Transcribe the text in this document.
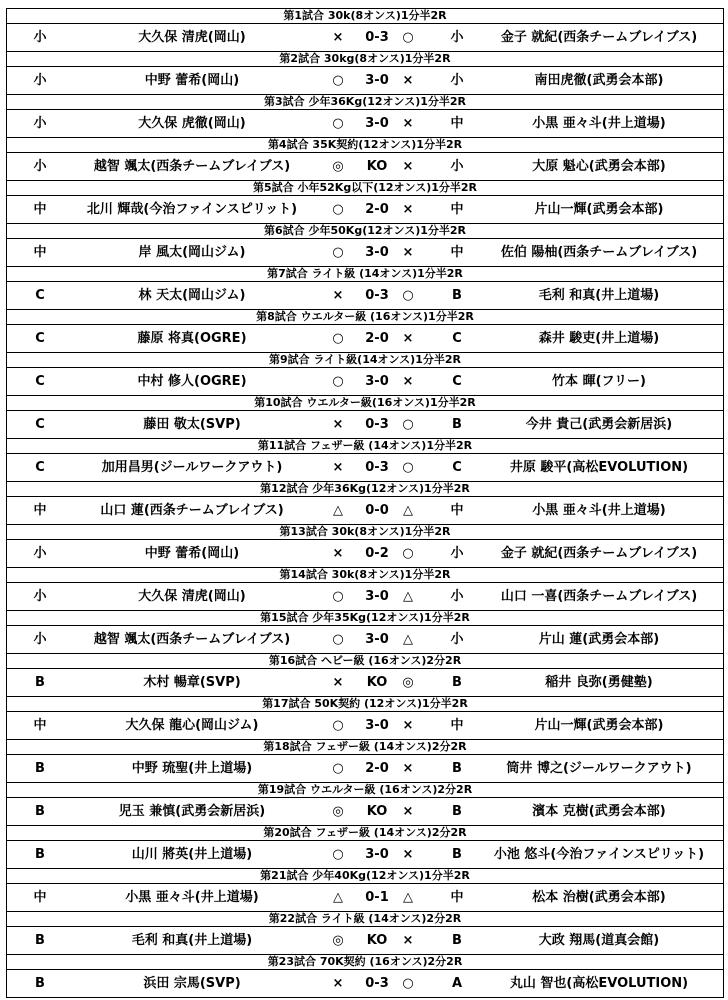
第1試合 30k(8オンス)1分半2R
小	大久保 清虎(岡山)	×	0-3	○	小	金子 就紀(西条チームブレイブス)
第2試合 30kg(8オンス)1分半2R
小	中野 蕾希(岡山)	○	3-0	×	小	南田虎徹(武勇会本部)
第3試合 少年36Kg(12オンス)1分半2R
小	大久保 虎徹(岡山)	○	3-0	×	中	小黒 亜々斗(井上道場)
第4試合 35K契約(12オンス)1分半2R
小	越智 颯太(西条チームブレイブス)	◎	KO	×	小	大原 魁心(武勇会本部)
第5試合 小年52Kg以下(12オンス)1分半2R
中	北川 輝哉(今治ファインスピリット)	○	2-0	×	中	片山一輝(武勇会本部)
第6試合 少年50Kg(12オンス)1分半2R
中	岸 風太(岡山ジム)	○	3-0	×	中	佐伯 陽柚(西条チームブレイブス)
第7試合 ライト級 (14オンス)1分半2R
C	林 天太(岡山ジム)	×	0-3	○	B	毛利 和真(井上道場)
第8試合 ウエルター級 (16オンス)1分半2R
C	藤原 将真(OGRE)	○	2-0	×	C	森井 駿吏(井上道場)
第9試合 ライト級(14オンス)1分半2R
C	中村 修人(OGRE)	○	3-0	×	C	竹本 暉(フリー)
第10試合 ウエルター級(16オンス)1分半2R
C	藤田 敬太(SVP)	×	0-3	○	B	今井 貴己(武勇会新居浜)
第11試合 フェザー級 (14オンス)1分半2R
C	加用昌男(ジールワークアウト)	×	0-3	○	C	井原 駿平(高松EVOLUTION)
第12試合 少年36Kg(12オンス)1分半2R
中	山口 蓮(西条チームブレイブス)	△	0-0	△	中	小黒 亜々斗(井上道場)
第13試合 30k(8オンス)1分半2R
小	中野 蕾希(岡山)	×	0-2	○	小	金子 就紀(西条チームブレイブス)
第14試合 30k(8オンス)1分半2R
小	大久保 清虎(岡山)	○	3-0	△	小	山口 一喜(西条チームブレイブス)
第15試合 少年35Kg(12オンス)1分半2R
小	越智 颯太(西条チームブレイブス)	○	3-0	△	小	片山 蓮(武勇会本部)
第16試合 ヘビー級 (16オンス)2分2R
B	木村 暢章(SVP)	×	KO	◎	B	稲井 良弥(勇健塾)
第17試合 50K契約 (12オンス)1分半2R
中	大久保 龍心(岡山ジム)	○	3-0	×	中	片山一輝(武勇会本部)
第18試合 フェザー級 (14オンス)2分2R
B	中野 琉聖(井上道場)	○	2-0	×	B	筒井 博之(ジールワークアウト)
第19試合 ウエルター級 (16オンス)2分2R
B	児玉 兼慎(武勇会新居浜)	◎	KO	×	B	濱本 克樹(武勇会本部)
第20試合 フェザー級 (14オンス)2分2R
B	山川 將英(井上道場)	○	3-0	×	B	小池 悠斗(今治ファインスピリット)
第21試合 少年40Kg(12オンス)1分半2R
中	小黒 亜々斗(井上道場)	△	0-1	△	中	松本 治樹(武勇会本部)
第22試合 ライト級 (14オンス)2分2R
B	毛利 和真(井上道場)	◎	KO	×	B	大政 翔馬(道真会館)
第23試合 70K契約 (16オンス)2分2R
B	浜田 宗馬(SVP)	×	0-3	○	A	丸山 智也(高松EVOLUTION)
